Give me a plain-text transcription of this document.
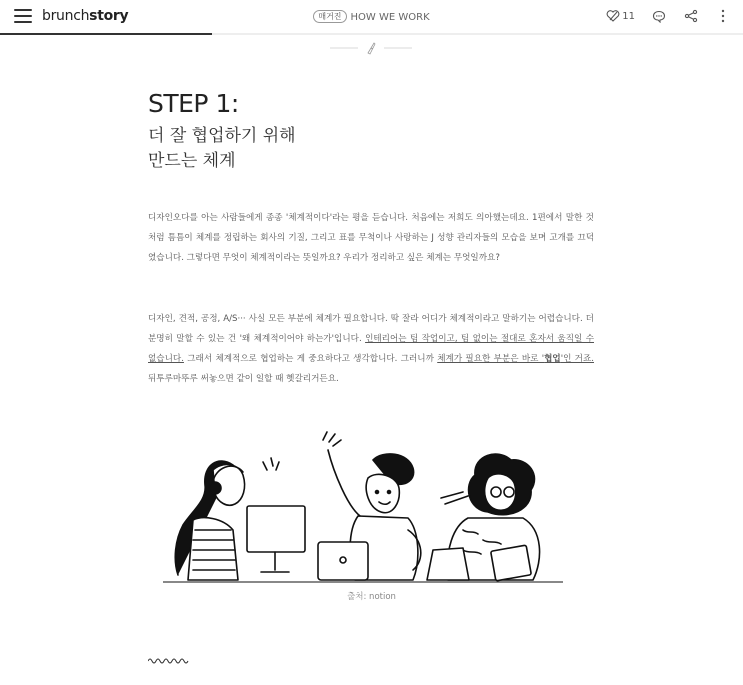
brunchstory	매거진 HOW WE WORK	11
STEP 1:
더 잘 협업하기 위해
만드는 체계

디자인오다를 아는 사람들에게 종종 '체계적이다'라는 평을 듣습니다. 처음에는 저희도 의아했는데요. 1편에서 말한 것처럼 틈틈이 체계를 정립하는 회사의 기질, 그리고 표를 무척이나 사랑하는 J 성향 관리자들의 모습을 보며 고개를 끄덕였습니다. 그렇다면 무엇이 체계적이라는 뜻일까요? 우리가 정리하고 싶은 체계는 무엇일까요?

디자인, 견적, 공정, A/S··· 사실 모든 부분에 체계가 필요합니다. 딱 잘라 어디가 체계적이라고 말하기는 어렵습니다. 더 분명히 말할 수 있는 건 '왜 체계적이어야 하는가'입니다. 인테리어는 팀 작업이고, 팀 없이는 절대로 혼자서 움직일 수 없습니다. 그래서 체계적으로 협업하는 게 중요하다고 생각합니다. 그러니까 체계가 필요한 부분은 바로 '협업'인 거죠. 뒤투루마뚜루 써놓으면 같이 일할 때 헷갈리거든요.

출처: notion
